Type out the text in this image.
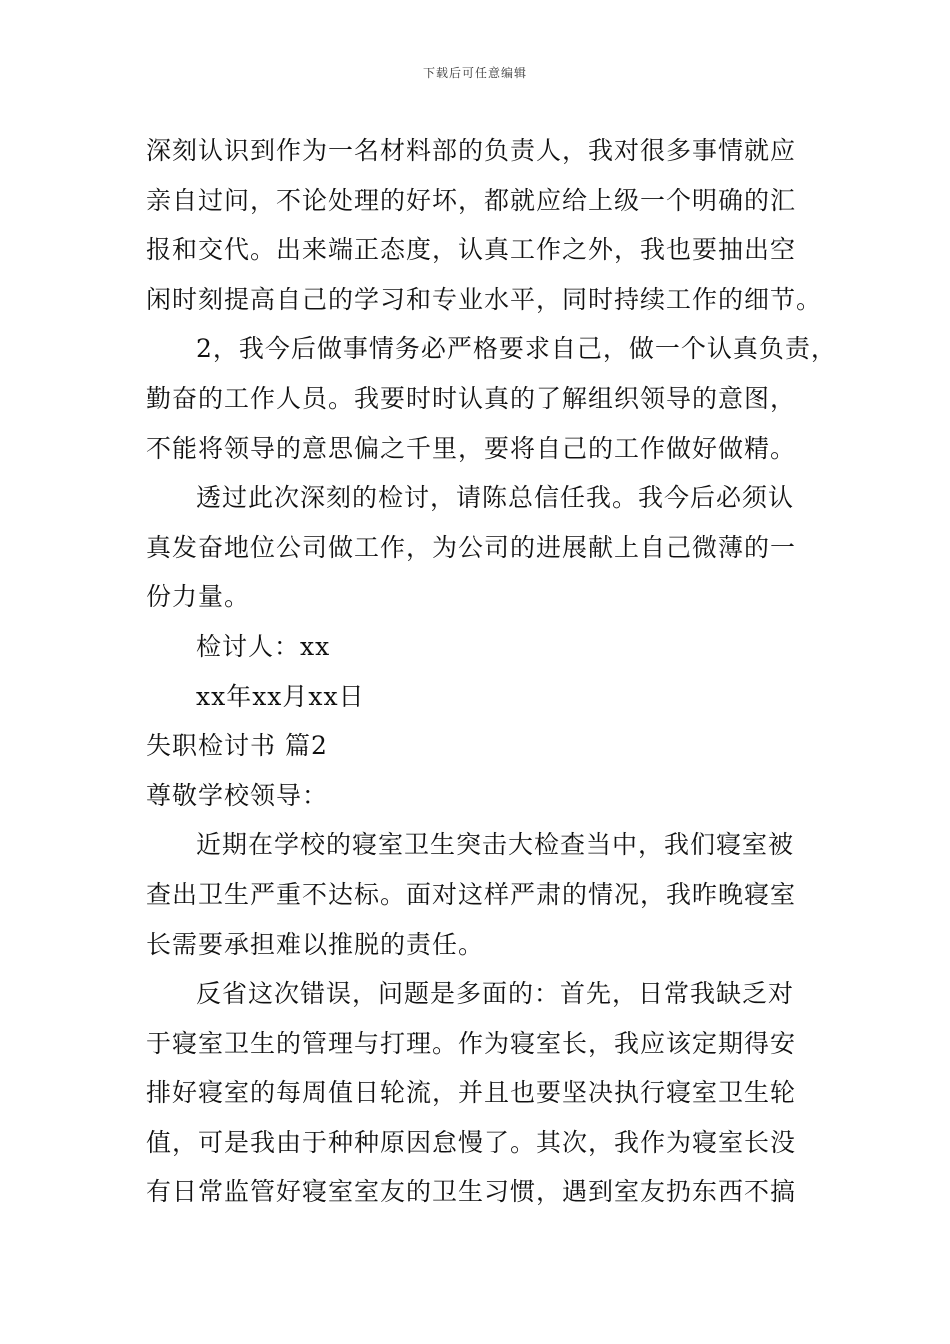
下载后可任意编辑
深刻认识到作为一名材料部的负责人，我对很多事情就应
亲自过问，不论处理的好坏，都就应给上级一个明确的汇
报和交代。出来端正态度，认真工作之外，我也要抽出空
闲时刻提高自己的学习和专业水平，同时持续工作的细节。
2，我今后做事情务必严格要求自己，做一个认真负责，
勤奋的工作人员。我要时时认真的了解组织领导的意图，
不能将领导的意思偏之千里，要将自己的工作做好做精。
透过此次深刻的检讨，请陈总信任我。我今后必须认
真发奋地位公司做工作，为公司的进展献上自己微薄的一
份力量。
检讨人：xx
xx年xx月xx日
失职检讨书 篇2
尊敬学校领导：
近期在学校的寝室卫生突击大检查当中，我们寝室被
查出卫生严重不达标。面对这样严肃的情况，我昨晚寝室
长需要承担难以推脱的责任。
反省这次错误，问题是多面的：首先，日常我缺乏对
于寝室卫生的管理与打理。作为寝室长，我应该定期得安
排好寝室的每周值日轮流，并且也要坚决执行寝室卫生轮
值，可是我由于种种原因怠慢了。其次，我作为寝室长没
有日常监管好寝室室友的卫生习惯，遇到室友扔东西不搞
